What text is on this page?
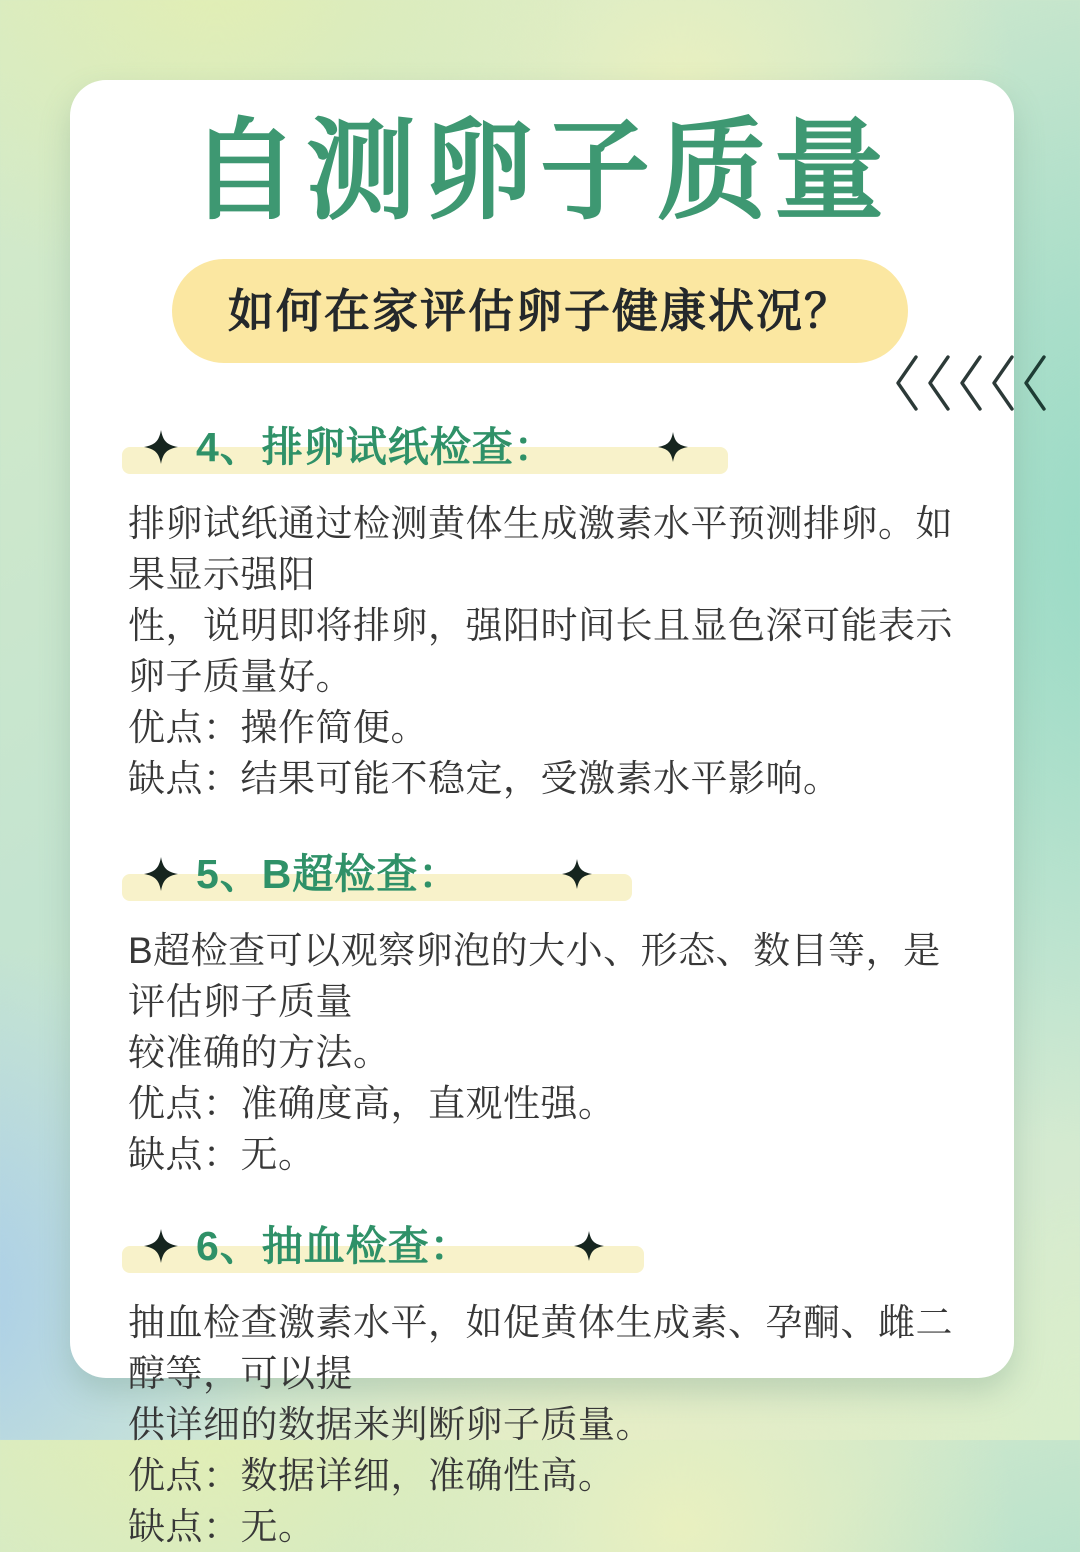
自测卵子质量
如何在家评估卵子健康状况？
4、排卵试纸检查：
排卵试纸通过检测黄体生成激素水平预测排卵。如果显示强阳
性，说明即将排卵，强阳时间长且显色深可能表示卵子质量好。
优点：操作简便。
缺点：结果可能不稳定，受激素水平影响。
5、B超检查：
B超检查可以观察卵泡的大小、形态、数目等，是评估卵子质量
较准确的方法。
优点：准确度高，直观性强。
缺点：无。
6、抽血检查：
抽血检查激素水平，如促黄体生成素、孕酮、雌二醇等，可以提
供详细的数据来判断卵子质量。
优点：数据详细，准确性高。
缺点：无。
